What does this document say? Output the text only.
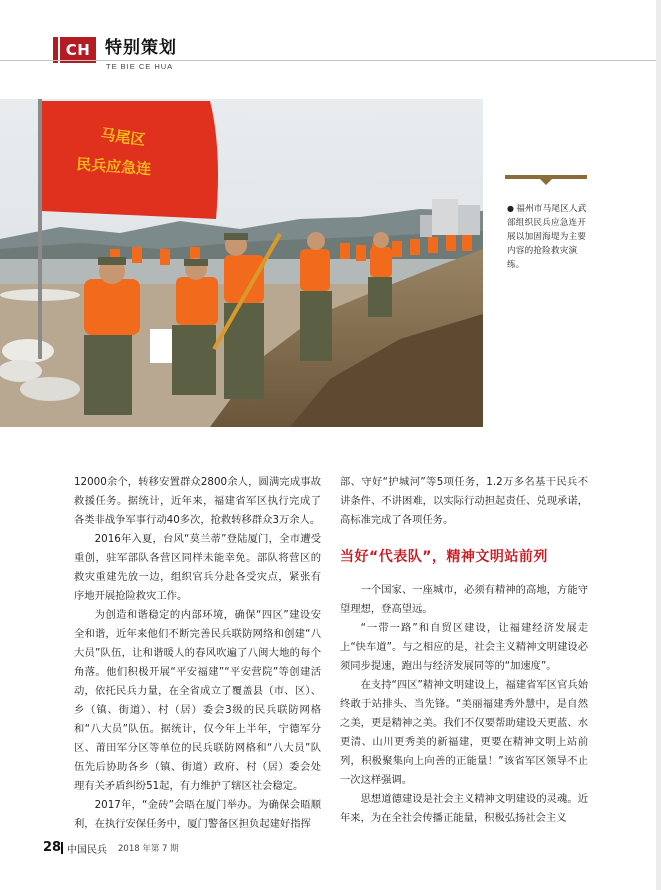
CH 特别策划
TE BIE CE HUA
马尾区
民兵应急连
● 福州市马尾区人武部组织民兵应急连开展以加固海堤为主要内容的抢险救灾演练。

12000余个，转移安置群众2800余人，圆满完成事故救援任务。据统计，近年来，福建省军区执行完成了各类非战争军事行动40多次，抢救转移群众3万余人。

2016年入夏，台风“莫兰蒂”登陆厦门，全市遭受重创，驻军部队各营区同样未能幸免。部队将营区的救灾重建先放一边，组织官兵分赴各受灾点，紧张有序地开展抢险救灾工作。

为创造和谐稳定的内部环境，确保“四区”建设安全和谐，近年来他们不断完善民兵联防网络和创建“八大员”队伍，让和谐暖人的春风吹遍了八闽大地的每个角落。他们积极开展“平安福建”“平安营院”等创建活动，依托民兵力量，在全省成立了覆盖县（市、区）、乡（镇、街道）、村（居）委会3级的民兵联防网格和“八大员”队伍。据统计，仅今年上半年，宁德军分区、莆田军分区等单位的民兵联防网格和“八大员”队伍先后协助各乡（镇、街道）政府、村（居）委会处理有关矛盾纠纷51起，有力维护了辖区社会稳定。

2017年，“金砖”会晤在厦门举办。为确保会晤顺利，在执行安保任务中，厦门警备区担负起建好指挥

部、守好“护城河”等5项任务，1.2万多名基干民兵不讲条件、不讲困难，以实际行动担起责任、兑现承诺，高标准完成了各项任务。

当好“代表队”，精神文明站前列

一个国家、一座城市，必须有精神的高地，方能守望理想，登高望远。

“一带一路”和自贸区建设，让福建经济发展走上“快车道”。与之相应的是，社会主义精神文明建设必须同步提速，跑出与经济发展同等的“加速度”。

在支持“四区”精神文明建设上，福建省军区官兵始终敢于站排头、当先锋。“美丽福建秀外慧中，是自然之美，更是精神之美。我们不仅要帮助建设天更蓝、水更清、山川更秀美的新福建，更要在精神文明上站前列，积极聚集向上向善的正能量！”该省军区领导不止一次这样强调。

思想道德建设是社会主义精神文明建设的灵魂。近年来，为在全社会传播正能量，积极弘扬社会主义

28 中国民兵 2018 年第 7 期
